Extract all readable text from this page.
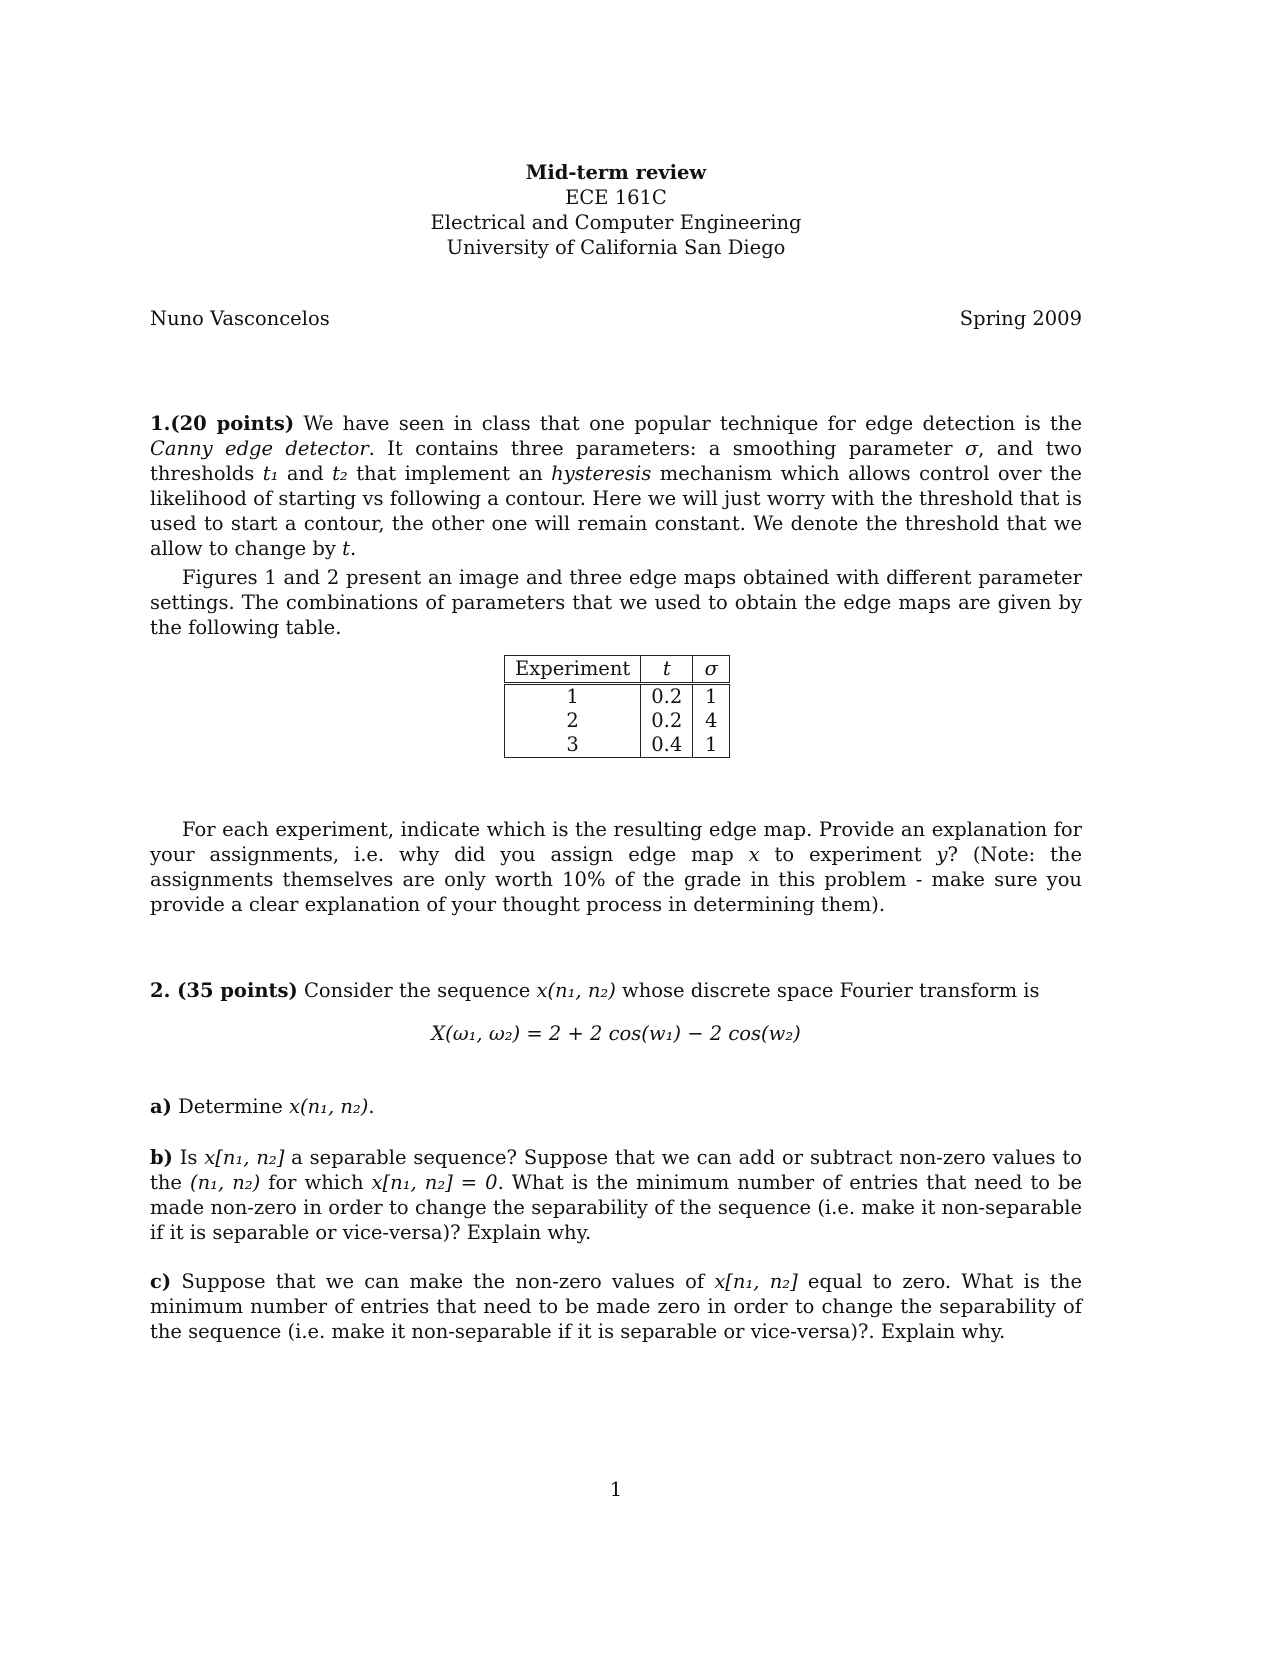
Mid-term review
ECE 161C
Electrical and Computer Engineering
University of California San Diego
Nuno Vasconcelos	Spring 2009
1.(20 points) We have seen in class that one popular technique for edge detection is the Canny edge detector. It contains three parameters: a smoothing parameter σ, and two thresholds t₁ and t₂ that implement an hysteresis mechanism which allows control over the likelihood of starting vs following a contour. Here we will just worry with the threshold that is used to start a contour, the other one will remain constant. We denote the threshold that we allow to change by t.
Figures 1 and 2 present an image and three edge maps obtained with different parameter settings. The combinations of parameters that we used to obtain the edge maps are given by the following table.
Experiment	t	σ
1	0.2	1
2	0.2	4
3	0.4	1
For each experiment, indicate which is the resulting edge map. Provide an explanation for your assignments, i.e. why did you assign edge map x to experiment y? (Note: the assignments themselves are only worth 10% of the grade in this problem - make sure you provide a clear explanation of your thought process in determining them).
2. (35 points) Consider the sequence x(n₁, n₂) whose discrete space Fourier transform is
X(ω₁, ω₂) = 2 + 2 cos(w₁) − 2 cos(w₂)
a) Determine x(n₁, n₂).
b) Is x[n₁, n₂] a separable sequence? Suppose that we can add or subtract non-zero values to the (n₁, n₂) for which x[n₁, n₂] = 0. What is the minimum number of entries that need to be made non-zero in order to change the separability of the sequence (i.e. make it non-separable if it is separable or vice-versa)? Explain why.
c) Suppose that we can make the non-zero values of x[n₁, n₂] equal to zero. What is the minimum number of entries that need to be made zero in order to change the separability of the sequence (i.e. make it non-separable if it is separable or vice-versa)?. Explain why.
1
